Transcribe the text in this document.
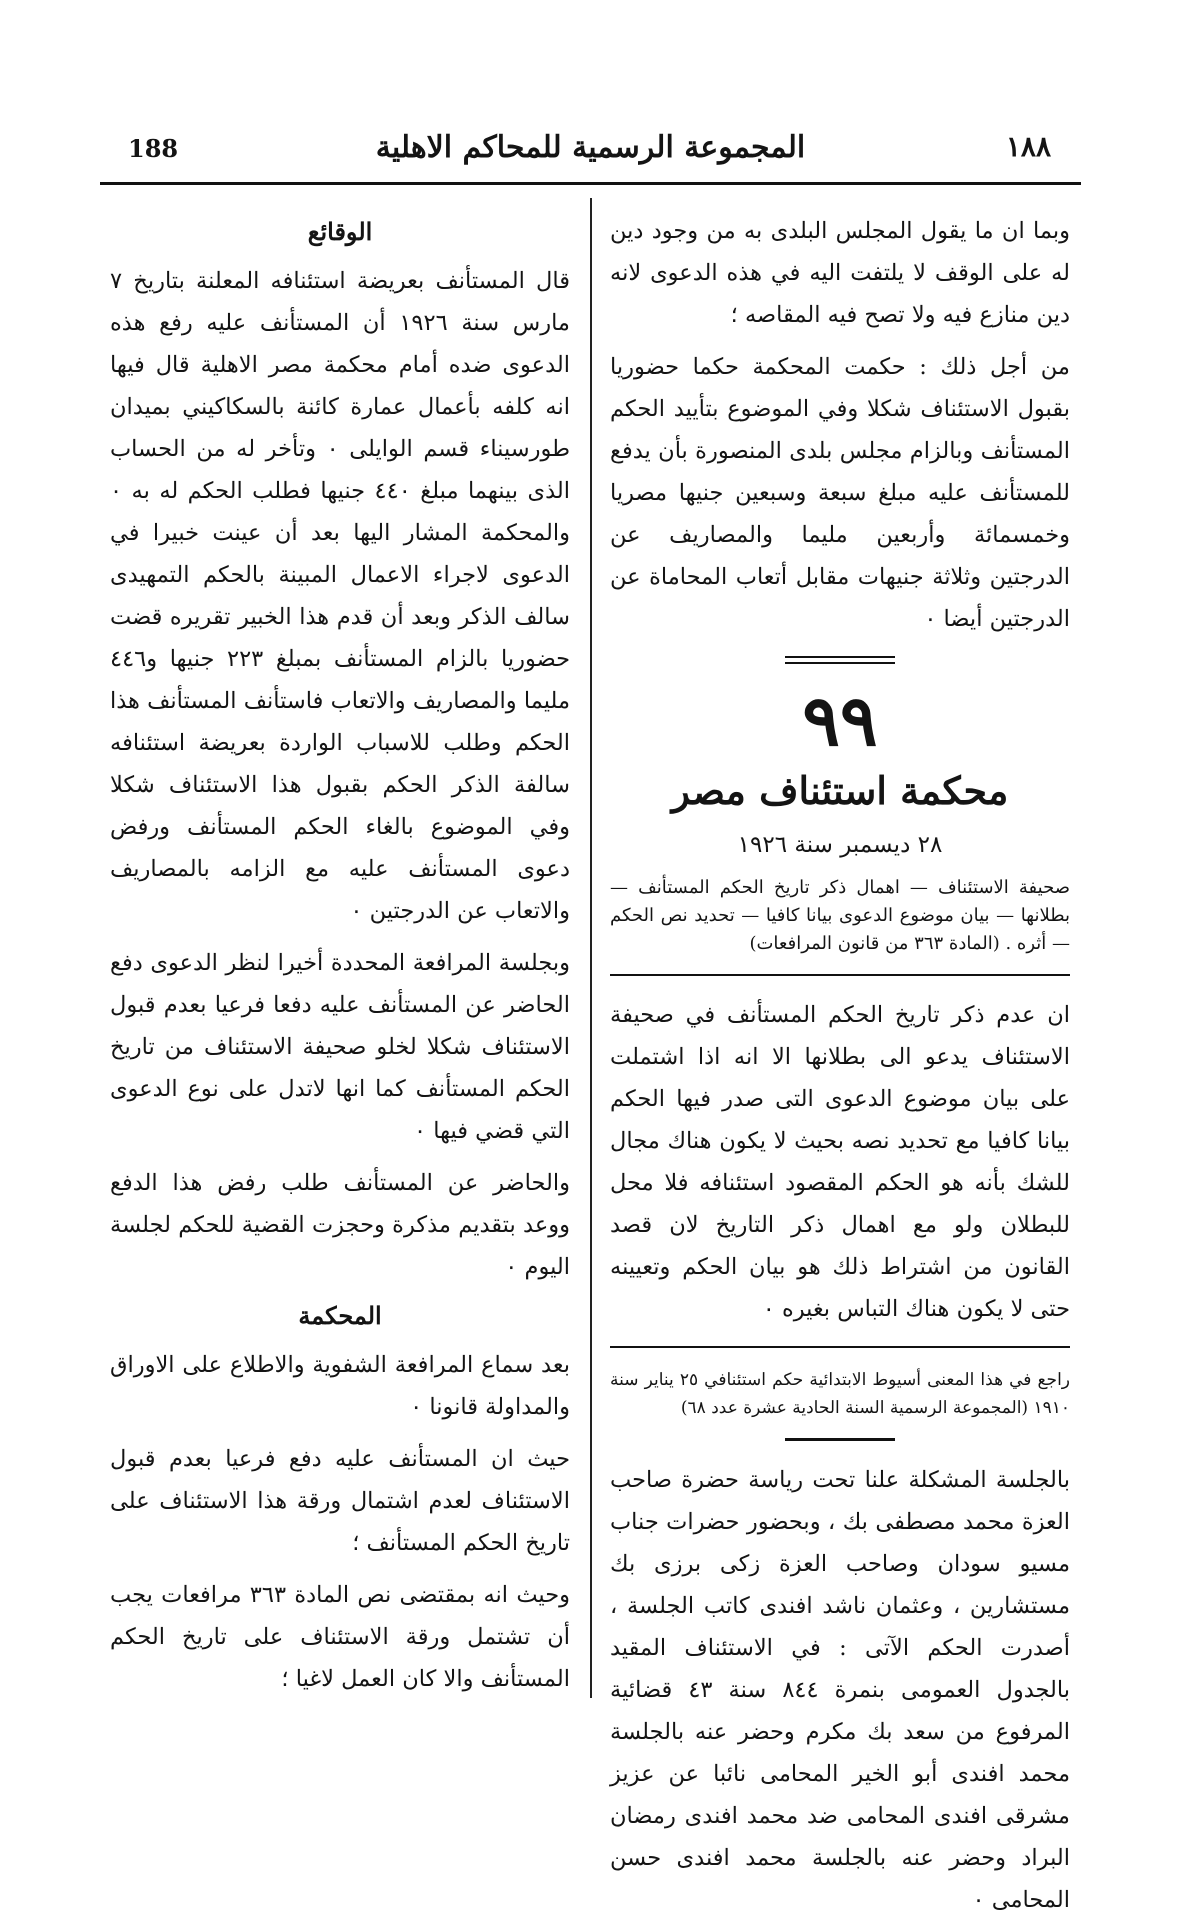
188	المجموعة الرسمية للمحاكم الاهلية	١٨٨

وبما ان ما يقول المجلس البلدى به من وجود دين له على الوقف لا يلتفت اليه في هذه الدعوى لانه دين منازع فيه ولا تصح فيه المقاصه ؛

من أجل ذلك : حكمت المحكمة حكما حضوريا بقبول الاستئناف شكلا وفي الموضوع بتأييد الحكم المستأنف وبالزام مجلس بلدى المنصورة بأن يدفع للمستأنف عليه مبلغ سبعة وسبعين جنيها مصريا وخمسمائة وأربعين مليما والمصاريف عن الدرجتين وثلاثة جنيهات مقابل أتعاب المحاماة عن الدرجتين أيضا ٠

٩٩
محكمة استئناف مصر
٢٨ ديسمبر سنة ١٩٢٦

صحيفة الاستئناف — اهمال ذكر تاريخ الحكم المستأنف — بطلانها — بيان موضوع الدعوى بيانا كافيا — تحديد نص الحكم — أثره . (المادة ٣٦٣ من قانون المرافعات)

ان عدم ذكر تاريخ الحكم المستأنف في صحيفة الاستئناف يدعو الى بطلانها الا انه اذا اشتملت على بيان موضوع الدعوى التى صدر فيها الحكم بيانا كافيا مع تحديد نصه بحيث لا يكون هناك مجال للشك بأنه هو الحكم المقصود استئنافه فلا محل للبطلان ولو مع اهمال ذكر التاريخ لان قصد القانون من اشتراط ذلك هو بيان الحكم وتعيينه حتى لا يكون هناك التباس بغيره ٠

راجع في هذا المعنى أسيوط الابتدائية حكم استئنافي ٢٥ يناير سنة ١٩١٠ (المجموعة الرسمية السنة الحادية عشرة عدد ٦٨)

بالجلسة المشكلة علنا تحت رياسة حضرة صاحب العزة محمد مصطفى بك ، وبحضور حضرات جناب مسيو سودان وصاحب العزة زكى برزى بك مستشارين ، وعثمان ناشد افندى كاتب الجلسة ، أصدرت الحكم الآتى : في الاستئناف المقيد بالجدول العمومى بنمرة ٨٤٤ سنة ٤٣ قضائية المرفوع من سعد بك مكرم وحضر عنه بالجلسة محمد افندى أبو الخير المحامى نائبا عن عزيز مشرقى افندى المحامى ضد محمد افندى رمضان البراد وحضر عنه بالجلسة محمد افندى حسن المحامى ٠

الوقائع

قال المستأنف بعريضة استئنافه المعلنة بتاريخ ٧ مارس سنة ١٩٢٦ أن المستأنف عليه رفع هذه الدعوى ضده أمام محكمة مصر الاهلية قال فيها انه كلفه بأعمال عمارة كائنة بالسكاكيني بميدان طورسيناء قسم الوايلى ٠ وتأخر له من الحساب الذى بينهما مبلغ ٤٤٠ جنيها فطلب الحكم له به ٠ والمحكمة المشار اليها بعد أن عينت خبيرا في الدعوى لاجراء الاعمال المبينة بالحكم التمهيدى سالف الذكر وبعد أن قدم هذا الخبير تقريره قضت حضوريا بالزام المستأنف بمبلغ ٢٢٣ جنيها و٤٤٦ مليما والمصاريف والاتعاب فاستأنف المستأنف هذا الحكم وطلب للاسباب الواردة بعريضة استئنافه سالفة الذكر الحكم بقبول هذا الاستئناف شكلا وفي الموضوع بالغاء الحكم المستأنف ورفض دعوى المستأنف عليه مع الزامه بالمصاريف والاتعاب عن الدرجتين ٠

وبجلسة المرافعة المحددة أخيرا لنظر الدعوى دفع الحاضر عن المستأنف عليه دفعا فرعيا بعدم قبول الاستئناف شكلا لخلو صحيفة الاستئناف من تاريخ الحكم المستأنف كما انها لاتدل على نوع الدعوى التي قضي فيها ٠

والحاضر عن المستأنف طلب رفض هذا الدفع ووعد بتقديم مذكرة وحجزت القضية للحكم لجلسة اليوم ٠

المحكمة

بعد سماع المرافعة الشفوية والاطلاع على الاوراق والمداولة قانونا ٠

حيث ان المستأنف عليه دفع فرعيا بعدم قبول الاستئناف لعدم اشتمال ورقة هذا الاستئناف على تاريخ الحكم المستأنف ؛

وحيث انه بمقتضى نص المادة ٣٦٣ مرافعات يجب أن تشتمل ورقة الاستئناف على تاريخ الحكم المستأنف والا كان العمل لاغيا ؛
